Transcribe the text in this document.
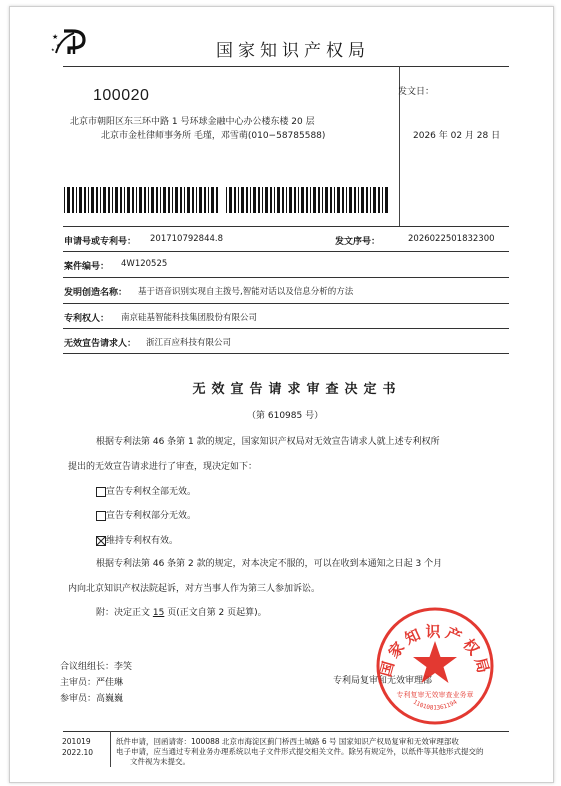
★
★
★	国家知识产权局
100020
北京市朝阳区东三环中路 1 号环球金融中心办公楼东楼 20 层
北京市金杜律师事务所 毛瑾，邓雪萌(010−58785588)
发文日：
2026 年 02 月 28 日
申请号或专利号： 201710792844.8	发文序号：	2026022501832300
案件编号： 4W120525
发明创造名称： 基于语音识别实现自主拨号,智能对话以及信息分析的方法
专利权人： 南京硅基智能科技集团股份有限公司
无效宣告请求人： 浙江百应科技有限公司
无效宣告请求审查决定书
（第 610985 号）
根据专利法第 46 条第 1 款的规定，国家知识产权局对无效宣告请求人就上述专利权所
提出的无效宣告请求进行了审查，现决定如下：
宣告专利权全部无效。
宣告专利权部分无效。
维持专利权有效。
根据专利法第 46 条第 2 款的规定，对本决定不服的，可以在收到本通知之日起 3 个月
内向北京知识产权法院起诉，对方当事人作为第三人参加诉讼。
附：决定正文 15 页(正文自第 2 页起算)。
合议组组长：李笑
主审员：严佳琳
参审员：高巍巍
专利局复审和无效审理部
国家知识产权局
专利复审无效审查业务章
1101081361194
201019
2022.10
纸件申请，回函请寄：100088 北京市海淀区蓟门桥西土城路 6 号 国家知识产权局复审和无效审理部收
电子申请，应当通过专利业务办理系统以电子文件形式提交相关文件。除另有规定外，以纸件等其他形式提交的
文件视为未提交。
